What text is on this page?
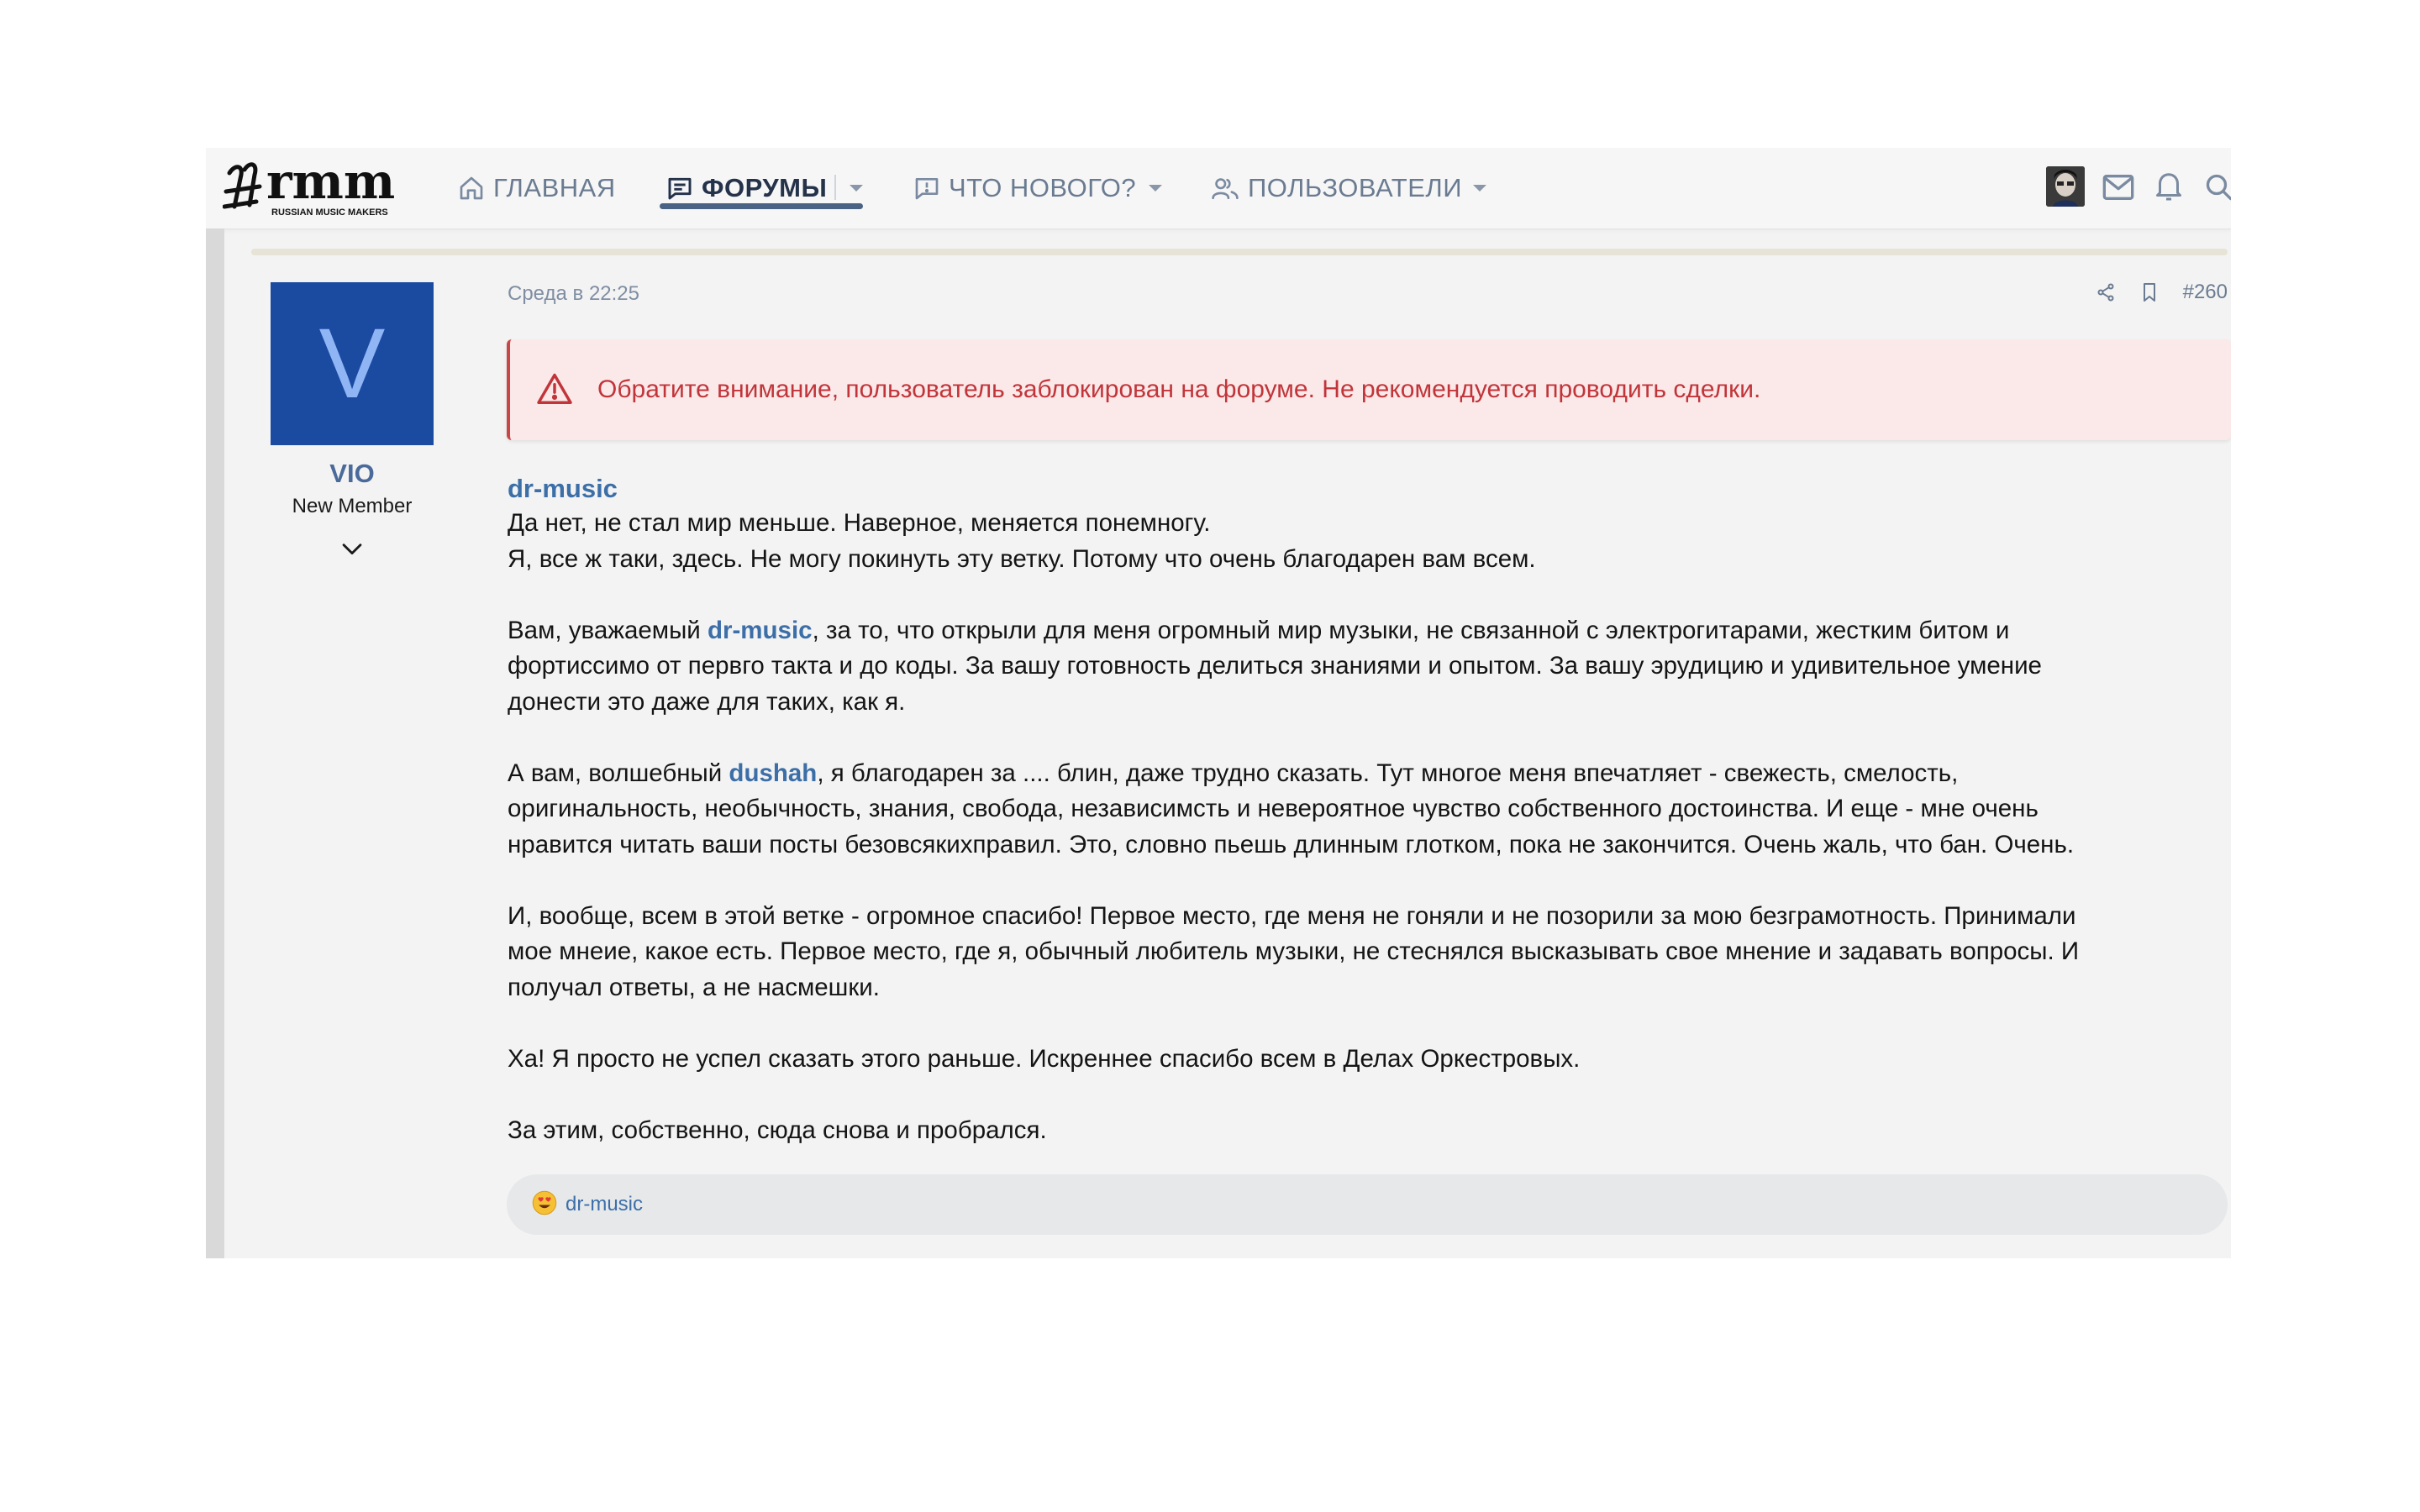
rmm
RUSSIAN MUSIC MAKERS
ГЛАВНАЯ	ФОРУМЫ	ЧТО НОВОГО?	ПОЛЬЗОВАТЕЛИ
V
VIO
New Member
Среда в 22:25	#260
Обратите внимание, пользователь заблокирован на форуме. Не рекомендуется проводить сделки.
dr-music

Да нет, не стал мир меньше. Наверное, меняется понемногу.

Я, все ж таки, здесь. Не могу покинуть эту ветку. Потому что очень благодарен вам всем.

Вам, уважаемый dr-music, за то, что открыли для меня огромный мир музыки, не связанной с электрогитарами, жестким битом и

фортиссимо от первго такта и до коды. За вашу готовность делиться знаниями и опытом. За вашу эрудицию и удивительное умение

донести это даже для таких, как я.

А вам, волшебный dushah, я благодарен за .... блин, даже трудно сказать. Тут многое меня впечатляет - свежесть, смелость,

оригинальность, необычность, знания, свобода, независимсть и невероятное чувство собственного достоинства. И еще - мне очень

нравится читать ваши посты безовсякихправил. Это, словно пьешь длинным глотком, пока не закончится. Очень жаль, что бан. Очень.

И, вообще, всем в этой ветке - огромное спасибо! Первое место, где меня не гоняли и не позорили за мою безграмотность. Принимали

мое мнеие, какое есть. Первое место, где я, обычный любитель музыки, не стеснялся высказывать свое мнение и задавать вопросы. И

получал ответы, а не насмешки.

Ха! Я просто не успел сказать этого раньше. Искреннее спасибо всем в Делах Оркестровых.

За этим, собственно, сюда снова и пробрался.

dr-music
